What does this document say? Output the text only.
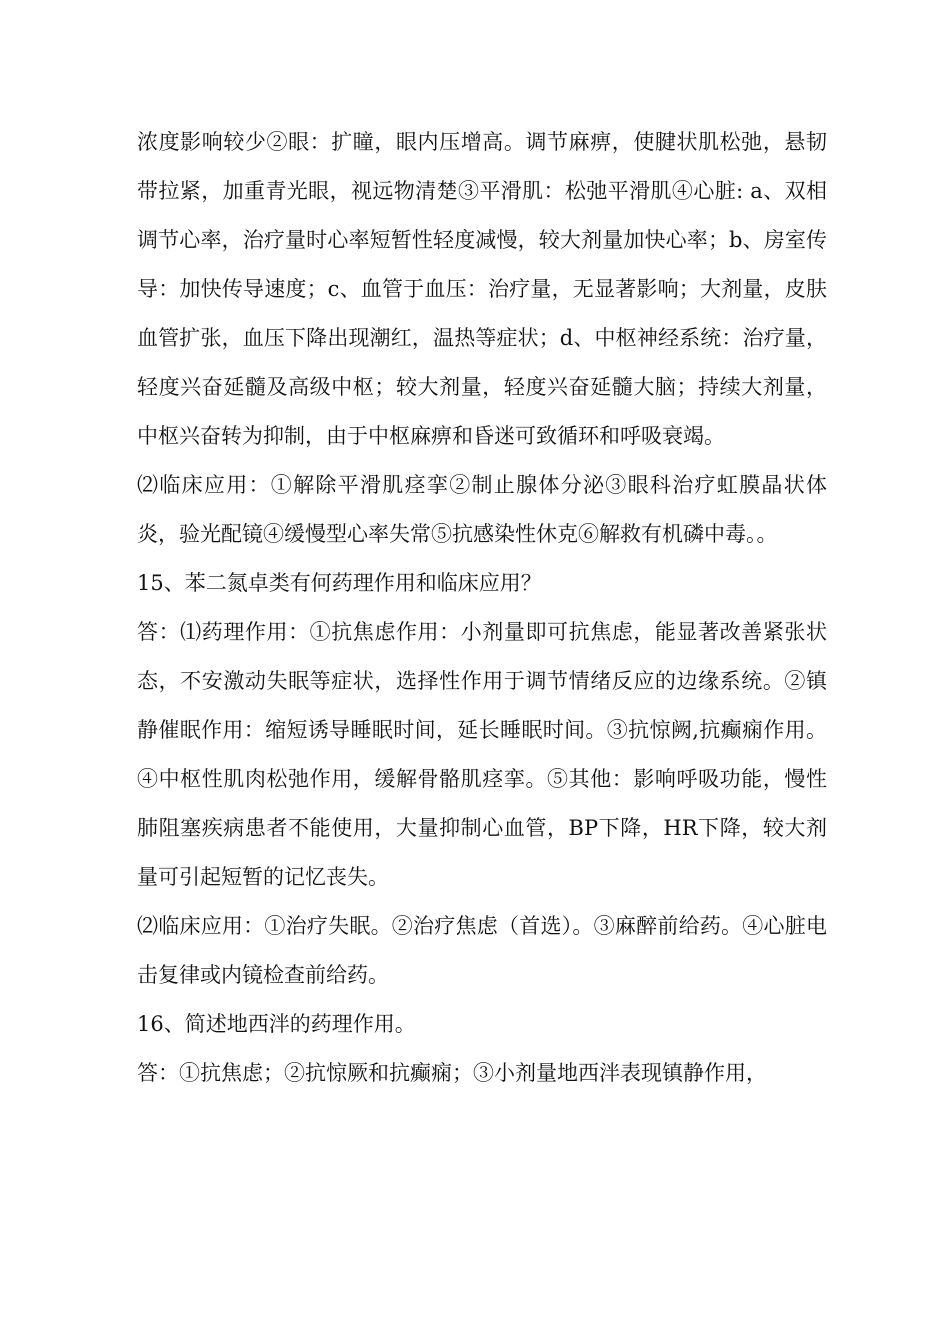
浓度影响较少②眼：扩瞳，眼内压增高。调节麻痹，使腱状肌松弛，悬韧带拉紧，加重青光眼，视远物清楚③平滑肌：松弛平滑肌④心脏: a、双相调节心率，治疗量时心率短暂性轻度减慢，较大剂量加快心率；b、房室传导：加快传导速度；c、血管于血压：治疗量，无显著影响；大剂量，皮肤血管扩张，血压下降出现潮红，温热等症状；d、中枢神经系统：治疗量，轻度兴奋延髓及高级中枢；较大剂量，轻度兴奋延髓大脑；持续大剂量，中枢兴奋转为抑制，由于中枢麻痹和昏迷可致循环和呼吸衰竭。

⑵临床应用：①解除平滑肌痉挛②制止腺体分泌③眼科治疗虹膜晶状体炎，验光配镜④缓慢型心率失常⑤抗感染性休克⑥解救有机磷中毒。。

15、苯二氮卓类有何药理作用和临床应用？

答：⑴药理作用：①抗焦虑作用：小剂量即可抗焦虑，能显著改善紧张状态，不安激动失眠等症状，选择性作用于调节情绪反应的边缘系统。②镇静催眠作用：缩短诱导睡眠时间，延长睡眠时间。③抗惊阙,抗癫痫作用。④中枢性肌肉松弛作用，缓解骨骼肌痉挛。⑤其他：影响呼吸功能，慢性肺阻塞疾病患者不能使用，大量抑制心血管，BP下降，HR下降，较大剂量可引起短暂的记忆丧失。

⑵临床应用：①治疗失眠。②治疗焦虑（首选）。③麻醉前给药。④心脏电击复律或内镜检查前给药。

16、简述地西泮的药理作用。

答：①抗焦虑；②抗惊厥和抗癫痫；③小剂量地西泮表现镇静作用，
